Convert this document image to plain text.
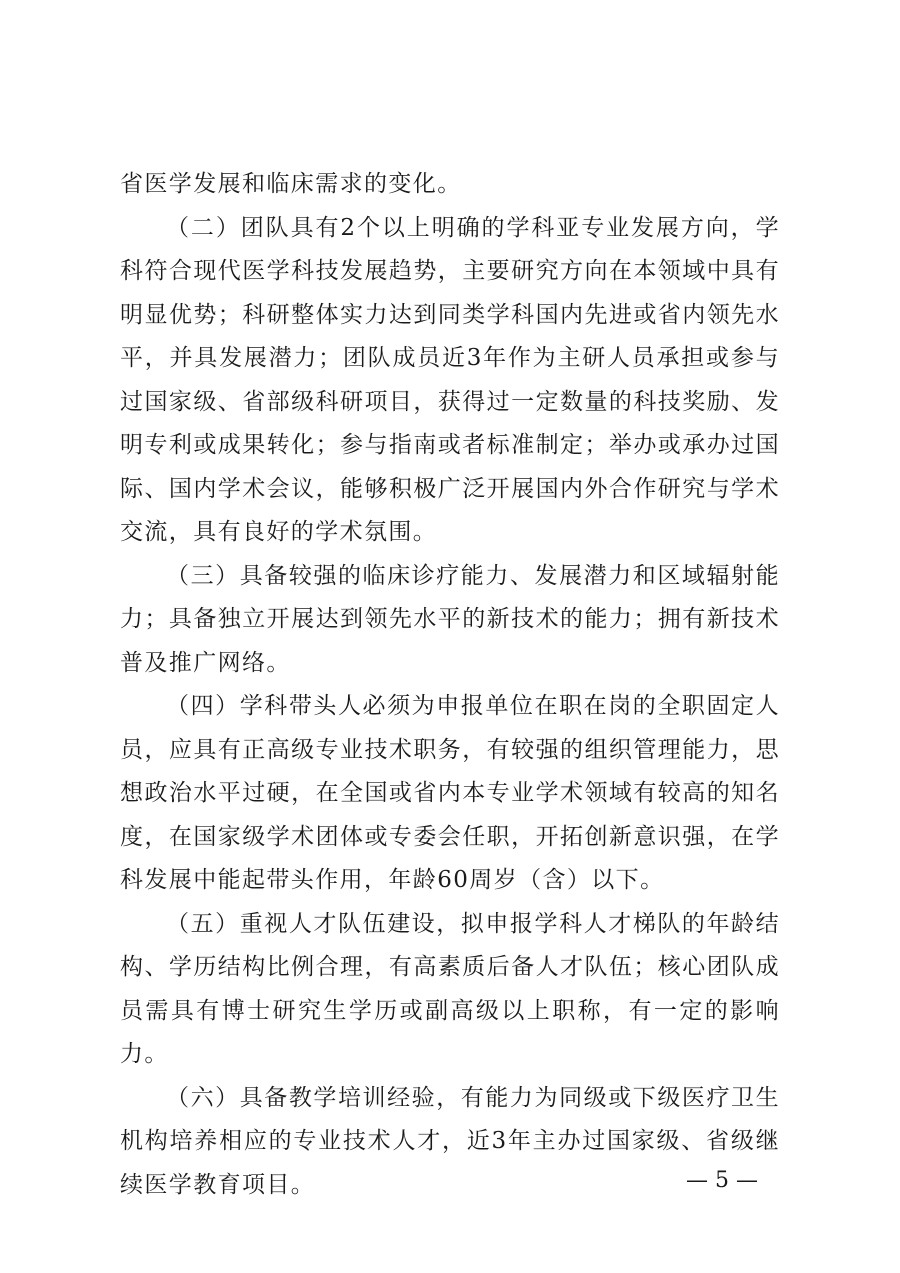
省医学发展和临床需求的变化。

（二）团队具有2个以上明确的学科亚专业发展方向，学科符合现代医学科技发展趋势，主要研究方向在本领域中具有明显优势；科研整体实力达到同类学科国内先进或省内领先水平，并具发展潜力；团队成员近3年作为主研人员承担或参与过国家级、省部级科研项目，获得过一定数量的科技奖励、发明专利或成果转化；参与指南或者标准制定；举办或承办过国际、国内学术会议，能够积极广泛开展国内外合作研究与学术交流，具有良好的学术氛围。

（三）具备较强的临床诊疗能力、发展潜力和区域辐射能力；具备独立开展达到领先水平的新技术的能力；拥有新技术普及推广网络。

（四）学科带头人必须为申报单位在职在岗的全职固定人员，应具有正高级专业技术职务，有较强的组织管理能力，思想政治水平过硬，在全国或省内本专业学术领域有较高的知名度，在国家级学术团体或专委会任职，开拓创新意识强，在学科发展中能起带头作用，年龄60周岁（含）以下。

（五）重视人才队伍建设，拟申报学科人才梯队的年龄结构、学历结构比例合理，有高素质后备人才队伍；核心团队成员需具有博士研究生学历或副高级以上职称，有一定的影响力。

（六）具备教学培训经验，有能力为同级或下级医疗卫生机构培养相应的专业技术人才，近3年主办过国家级、省级继续医学教育项目。	— 5 —
